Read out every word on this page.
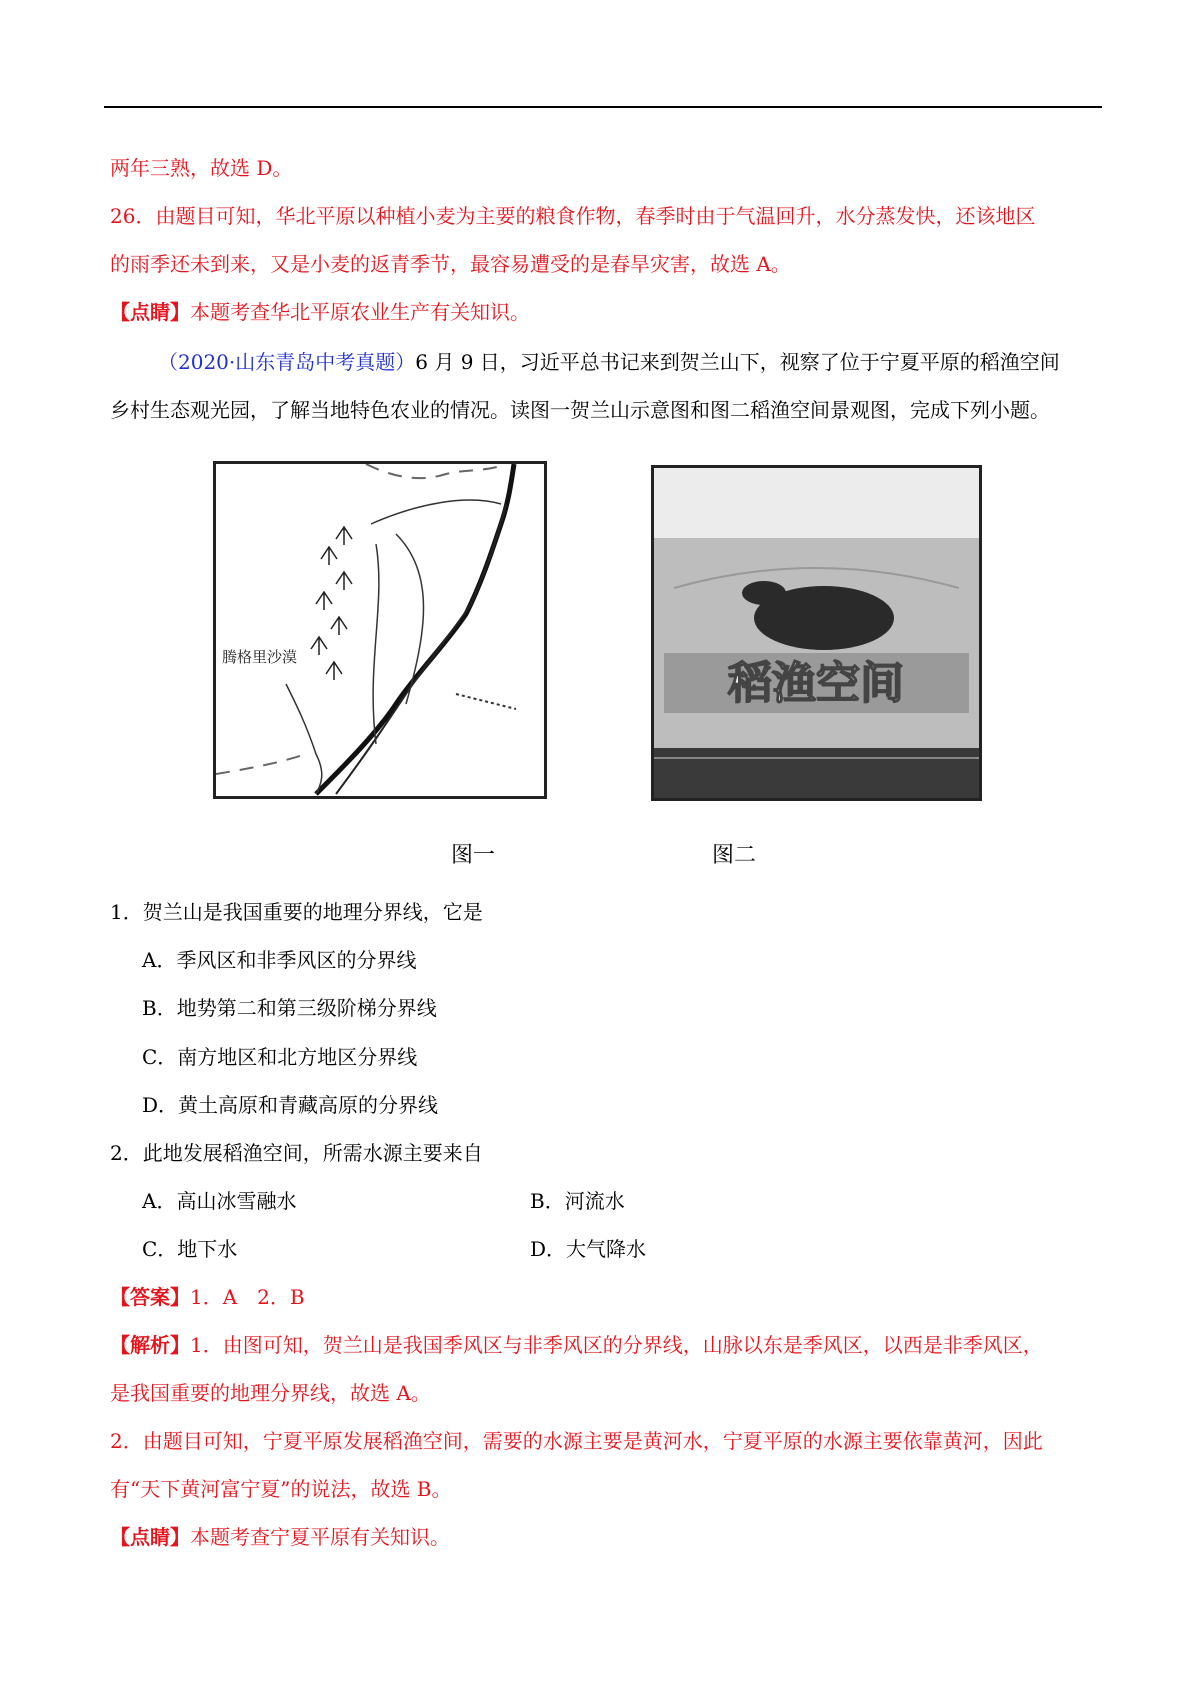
两年三熟，故选 D。
26．由题目可知，华北平原以种植小麦为主要的粮食作物，春季时由于气温回升，水分蒸发快，还该地区
的雨季还未到来，又是小麦的返青季节，最容易遭受的是春旱灾害，故选 A。
【点睛】本题考查华北平原农业生产有关知识。
（2020·山东青岛中考真题）6 月 9 日，习近平总书记来到贺兰山下，视察了位于宁夏平原的稻渔空间
乡村生态观光园，了解当地特色农业的情况。读图一贺兰山示意图和图二稻渔空间景观图，完成下列小题。
腾格里沙漠
图一
稻渔空间
图二
1．贺兰山是我国重要的地理分界线，它是
A．季风区和非季风区的分界线
B．地势第二和第三级阶梯分界线
C．南方地区和北方地区分界线
D．黄土高原和青藏高原的分界线
2．此地发展稻渔空间，所需水源主要来自
A．高山冰雪融水	B．河流水
C．地下水	D．大气降水
【答案】1．A　2．B
【解析】1．由图可知，贺兰山是我国季风区与非季风区的分界线，山脉以东是季风区，以西是非季风区，
是我国重要的地理分界线，故选 A。
2．由题目可知，宁夏平原发展稻渔空间，需要的水源主要是黄河水，宁夏平原的水源主要依靠黄河，因此
有“天下黄河富宁夏”的说法，故选 B。
【点睛】本题考查宁夏平原有关知识。
